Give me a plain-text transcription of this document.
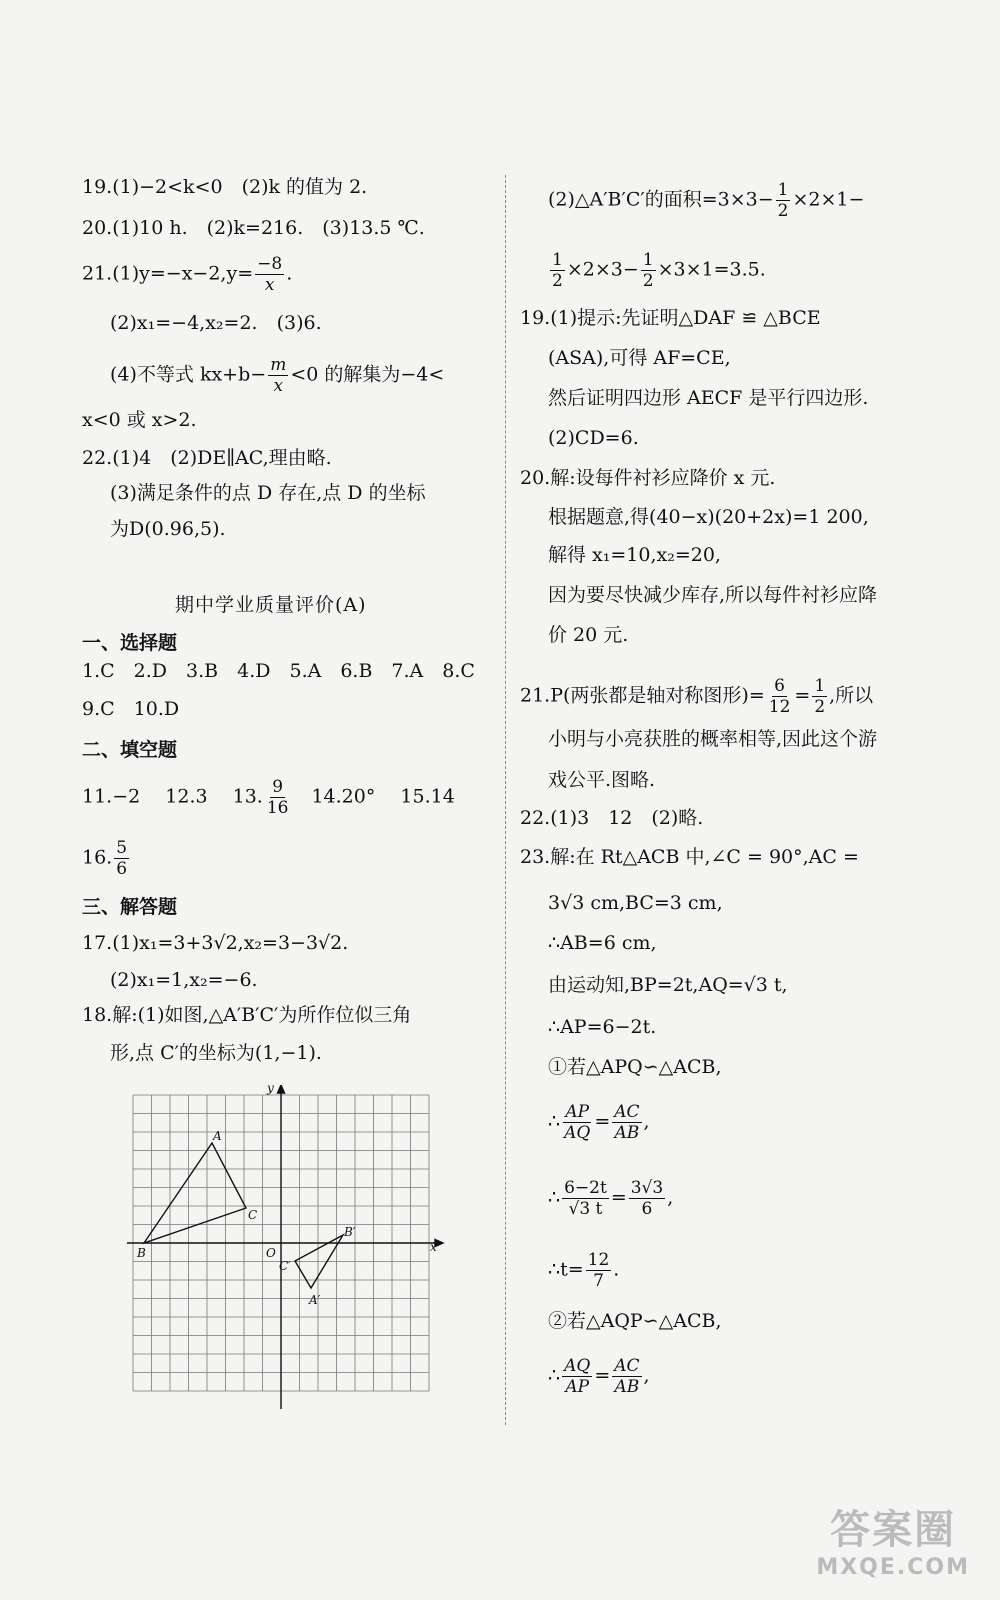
19.(1)−2<k<0　(2)k 的值为 2.
20.(1)10 h.　(2)k=216.　(3)13.5 ℃.
$21.(1)y=-x-2,y= \frac{-8}{x}$ .
(2)x₁=−4,x₂=2.　(3)6.
(4)不等式 $kx+b- \frac{m}{x} <0$ 的解集为−4<
x<0 或 x>2.
22.(1)4　(2)DE∥AC,理由略.
(3)满足条件的点 D 存在,点 D 的坐标
为D(0.96,5).
期中学业质量评价(A)
一、选择题
1.C　2.D　3.B　4.D　5.A　6.B　7.A　8.C
9.C　10.D
二、填空题
11.−2　 12.3　 13. $\frac{9}{16}$ 　14.20°　 15.14
16. $\frac{5}{6}$
三、解答题
17.(1)x₁=3+3√2,x₂=3−3√2.
(2)x₁=1,x₂=−6.
18.解:(1)如图,△A′B′C′为所作位似三角
形,点 C′的坐标为(1,−1).
x
y
O
A
B
C
A′
B′
C′
(2)△A′B′C′的面积$=3\times 3- \frac{1}{2} \times 2\times 1-$
$\frac{1}{2} \times 2\times 3- \frac{1}{2} \times 3\times 1=3.5$.
19.(1)提示:先证明△DAF ≌ △BCE
(ASA),可得 AF=CE,
然后证明四边形 AECF 是平行四边形.
(2)CD=6.
20.解:设每件衬衫应降价 x 元.
根据题意,得(40−x)(20+2x)=1 200,
解得 x₁=10,x₂=20,
因为要尽快减少库存,所以每件衬衫应降
价 20 元.
21.P(两张都是轴对称图形)= $\frac{6}{12} = \frac{1}{2}$ ,所以
小明与小亮获胜的概率相等,因此这个游
戏公平.图略.
22.(1)3　12　(2)略.
23.解:在 Rt△ACB 中,∠C = 90°,AC =
3√3 cm,BC=3 cm,
∴AB=6 cm,
由运动知,BP=2t,AQ=√3 t,
∴AP=6−2t.
①若△APQ∽△ACB,
∴ $\frac{AP}{AQ} = \frac{AC}{AB}$ ,
∴ $\frac{6-2t}{√3 t} = \frac{3√3}{6}$ ,
∴t= $\frac{12}{7}$ .
②若△AQP∽△ACB,
∴ $\frac{AQ}{AP} = \frac{AC}{AB}$ ,
答案圈
MXQE.COM
